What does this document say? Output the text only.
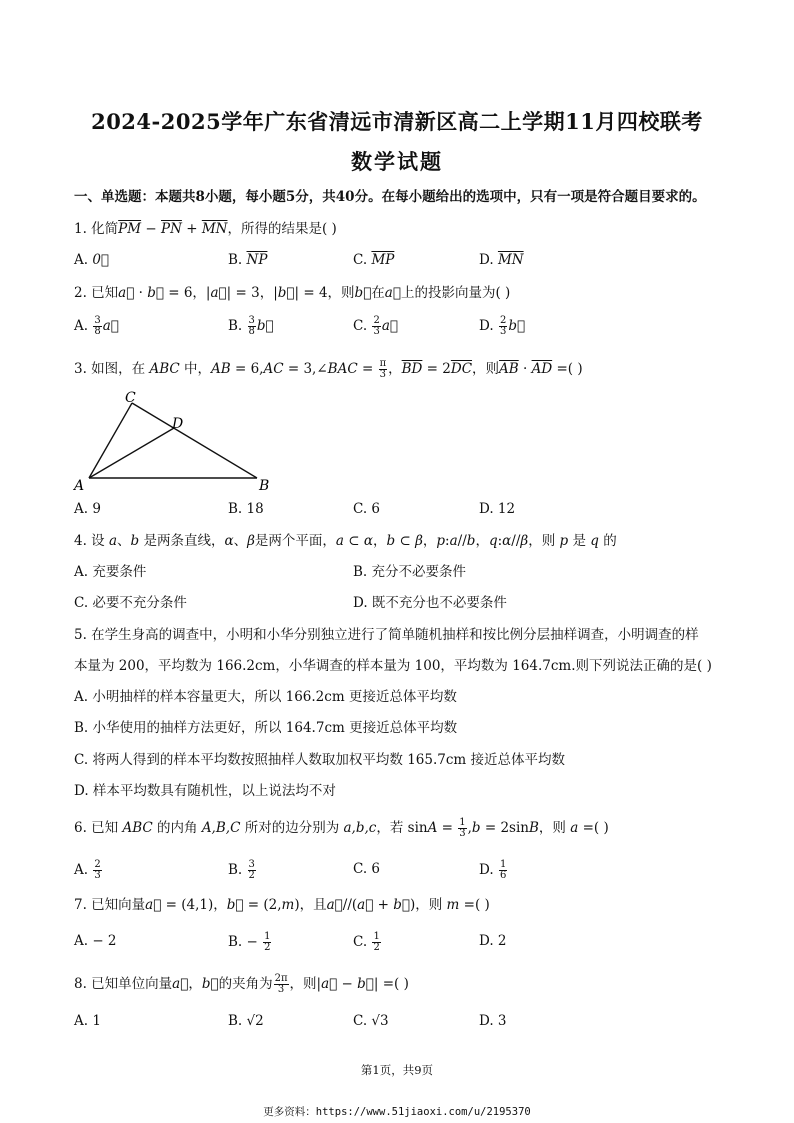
2024-2025学年广东省清远市清新区高二上学期11月四校联考
数学试题
一、单选题：本题共8小题，每小题5分，共40分。在每小题给出的选项中，只有一项是符合题目要求的。
1. 化简$\overline{PM} - \overline{PN} + \overline{MN}$，所得的结果是( )
A. 0⃗	B. $\overline{NP}$	C. $\overline{MP}$	D. $\overline{MN}$
2. 已知a⃗ · b⃗ = 6，|a⃗| = 3，|b⃗| = 4，则b⃗在a⃗上的投影向量为( )
A. $\frac{3}{8}$ a⃗	B. $\frac{3}{8}$ b⃗	C. $\frac{2}{3}$ a⃗	D. $\frac{2}{3}$ b⃗
3. 如图，在 ABC 中，AB = 6,AC = 3,∠BAC = $\frac{\pi}{3}$ ，$\overline{BD} = 2\overline{DC}$，则$\overline{AB} \cdot \overline{AD}$ =( )
C
D
A	B
A. 9	B. 18	C. 6	D. 12
4. 设 a、b 是两条直线，α、β是两个平面，a ⊂ α，b ⊂ β，p:a//b，q:α//β，则 p 是 q 的
A. 充要条件	B. 充分不必要条件
C. 必要不充分条件	D. 既不充分也不必要条件
5. 在学生身高的调查中，小明和小华分别独立进行了简单随机抽样和按比例分层抽样调查，小明调查的样
本量为 200，平均数为 166.2cm，小华调查的样本量为 100，平均数为 164.7cm.则下列说法正确的是( )
A. 小明抽样的样本容量更大，所以 166.2cm 更接近总体平均数
B. 小华使用的抽样方法更好，所以 164.7cm 更接近总体平均数
C. 将两人得到的样本平均数按照抽样人数取加权平均数 165.7cm 接近总体平均数
D. 样本平均数具有随机性，以上说法均不对
6. 已知 ABC 的内角 A,B,C 所对的边分别为 a,b,c，若 $\sin A = \frac{1}{3} ,b = 2\sin B$，则 a =( )
A. $\frac{2}{3}$	B. $\frac{3}{2}$	C. 6	D. $\frac{1}{6}$
7. 已知向量a⃗ = (4,1)，b⃗ = (2,m)，且a⃗//(a⃗ + b⃗)，则 m =( )
A. − 2	B. − $\frac{1}{2}$	C. $\frac{1}{2}$	D. 2
8. 已知单位向量a⃗，b⃗的夹角为 $\frac{2\pi}{3}$ ，则|a⃗ − b⃗| =( )
A. 1	B. √2	C. √3	D. 3
第1页，共9页
更多资料：https://www.51jiaoxi.com/u/2195370
